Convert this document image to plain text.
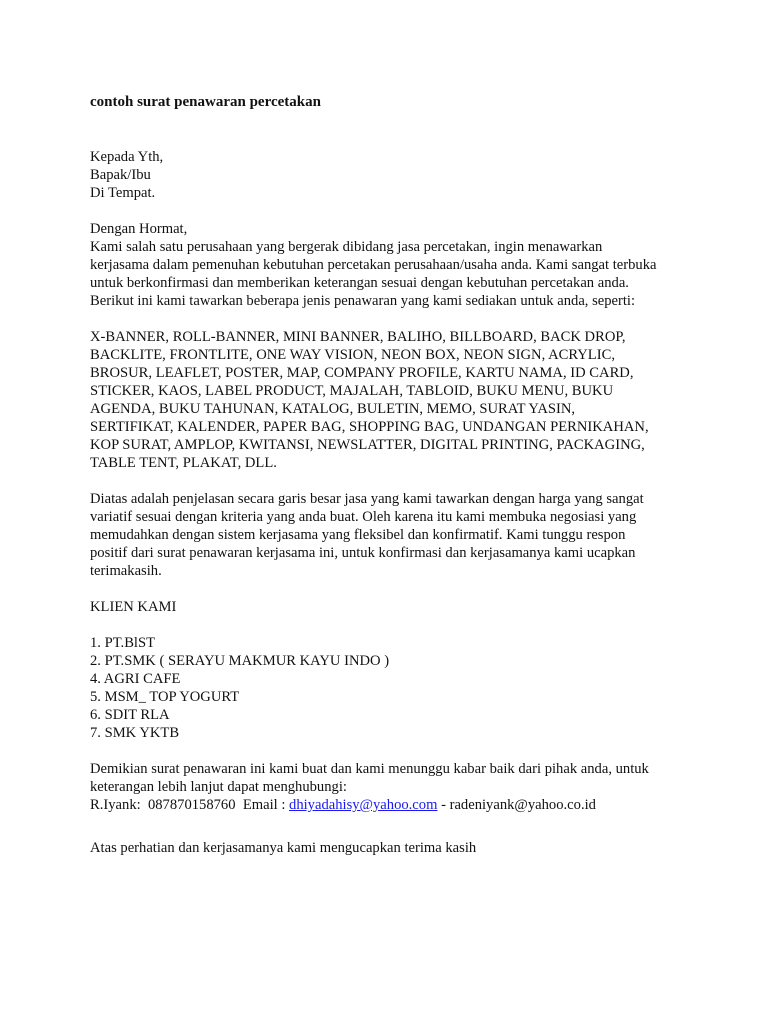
contoh surat penawaran percetakan
Kepada Yth,
Bapak/Ibu
Di Tempat.
Dengan Hormat,
Kami salah satu perusahaan yang bergerak dibidang jasa percetakan, ingin menawarkan
kerjasama dalam pemenuhan kebutuhan percetakan perusahaan/usaha anda. Kami sangat terbuka
untuk berkonfirmasi dan memberikan keterangan sesuai dengan kebutuhan percetakan anda.
Berikut ini kami tawarkan beberapa jenis penawaran yang kami sediakan untuk anda, seperti:
X-BANNER, ROLL-BANNER, MINI BANNER, BALIHO, BILLBOARD, BACK DROP,
BACKLITE, FRONTLITE, ONE WAY VISION, NEON BOX, NEON SIGN, ACRYLIC,
BROSUR, LEAFLET, POSTER, MAP, COMPANY PROFILE, KARTU NAMA, ID CARD,
STICKER, KAOS, LABEL PRODUCT, MAJALAH, TABLOID, BUKU MENU, BUKU
AGENDA, BUKU TAHUNAN, KATALOG, BULETIN, MEMO, SURAT YASIN,
SERTIFIKAT, KALENDER, PAPER BAG, SHOPPING BAG, UNDANGAN PERNIKAHAN,
KOP SURAT, AMPLOP, KWITANSI, NEWSLATTER, DIGITAL PRINTING, PACKAGING,
TABLE TENT, PLAKAT, DLL.
Diatas adalah penjelasan secara garis besar jasa yang kami tawarkan dengan harga yang sangat
variatif sesuai dengan kriteria yang anda buat. Oleh karena itu kami membuka negosiasi yang
memudahkan dengan sistem kerjasama yang fleksibel dan konfirmatif. Kami tunggu respon
positif dari surat penawaran kerjasama ini, untuk konfirmasi dan kerjasamanya kami ucapkan
terimakasih.
KLIEN KAMI
1. PT.BlST
2. PT.SMK ( SERAYU MAKMUR KAYU INDO )
4. AGRI CAFE
5. MSM_ TOP YOGURT
6. SDIT RLA
7. SMK YKTB
Demikian surat penawaran ini kami buat dan kami menunggu kabar baik dari pihak anda, untuk
keterangan lebih lanjut dapat menghubungi:
R.Iyank:  087870158760  Email : dhiyadahisy@yahoo.com - radeniyank@yahoo.co.id
Atas perhatian dan kerjasamanya kami mengucapkan terima kasih
